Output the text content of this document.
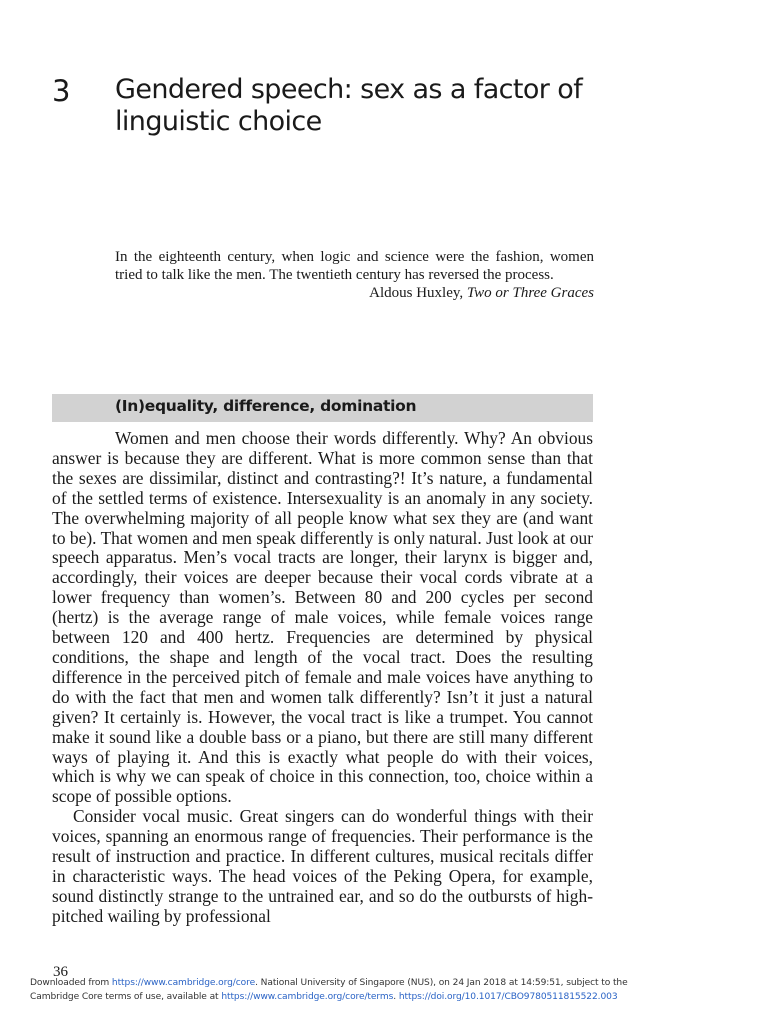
3 Gendered speech: sex as a factor of linguistic choice

In the eighteenth century, when logic and science were the fashion, women tried to talk like the men. The twentieth century has reversed the process.

Aldous Huxley, Two or Three Graces

(In)equality, difference, domination

Women and men choose their words differently. Why? An obvious answer is because they are different. What is more common sense than that the sexes are dissimilar, distinct and contrasting?! It’s nature, a fundamental of the settled terms of existence. Intersexuality is an anomaly in any society. The overwhelming majority of all people know what sex they are (and want to be). That women and men speak differently is only natural. Just look at our speech apparatus. Men’s vocal tracts are longer, their larynx is bigger and, accordingly, their voices are deeper because their vocal cords vibrate at a lower frequency than women’s. Between 80 and 200 cycles per second (hertz) is the average range of male voices, while female voices range between 120 and 400 hertz. Frequencies are determined by physical conditions, the shape and length of the vocal tract. Does the resulting difference in the perceived pitch of female and male voices have anything to do with the fact that men and women talk differently? Isn’t it just a natural given? It certainly is. However, the vocal tract is like a trumpet. You cannot make it sound like a double bass or a piano, but there are still many different ways of playing it. And this is exactly what people do with their voices, which is why we can speak of choice in this connection, too, choice within a scope of possible options.

Consider vocal music. Great singers can do wonderful things with their voices, spanning an enormous range of frequencies. Their performance is the result of instruction and practice. In different cultures, musical recitals differ in characteristic ways. The head voices of the Peking Opera, for example, sound distinctly strange to the untrained ear, and so do the outbursts of high-pitched wailing by professional

36
Downloaded from https://www.cambridge.org/core. National University of Singapore (NUS), on 24 Jan 2018 at 14:59:51, subject to the
Cambridge Core terms of use, available at https://www.cambridge.org/core/terms. https://doi.org/10.1017/CBO9780511815522.003
